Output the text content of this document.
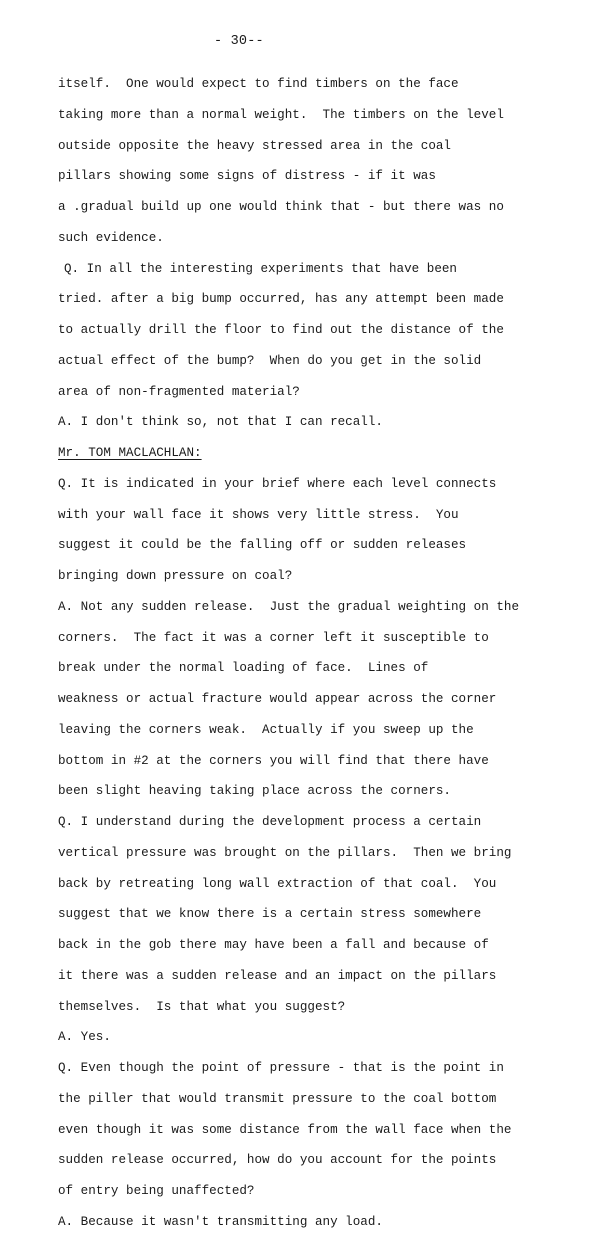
- 30--
itself.  One would expect to find timbers on the face
taking more than a normal weight.  The timbers on the level
outside opposite the heavy stressed area in the coal
pillars showing some signs of distress - if it was
a .gradual build up one would think that - but there was no
such evidence.
Q. In all the interesting experiments that have been
tried. after a big bump occurred, has any attempt been made
to actually drill the floor to find out the distance of the
actual effect of the bump?  When do you get in the solid
area of non-fragmented material?
A. I don't think so, not that I can recall.
Mr. TOM MACLACHLAN:
Q. It is indicated in your brief where each level connects
with your wall face it shows very little stress.  You
suggest it could be the falling off or sudden releases
bringing down pressure on coal?
A. Not any sudden release.  Just the gradual weighting on the
corners.  The fact it was a corner left it susceptible to
break under the normal loading of face.  Lines of
weakness or actual fracture would appear across the corner
leaving the corners weak.  Actually if you sweep up the
bottom in #2 at the corners you will find that there have
been slight heaving taking place across the corners.
Q. I understand during the development process a certain
vertical pressure was brought on the pillars.  Then we bring
back by retreating long wall extraction of that coal.  You
suggest that we know there is a certain stress somewhere
back in the gob there may have been a fall and because of
it there was a sudden release and an impact on the pillars
themselves.  Is that what you suggest?
A. Yes.
Q. Even though the point of pressure - that is the point in
the piller that would transmit pressure to the coal bottom
even though it was some distance from the wall face when the
sudden release occurred, how do you account for the points
of entry being unaffected?
A. Because it wasn't transmitting any load.
